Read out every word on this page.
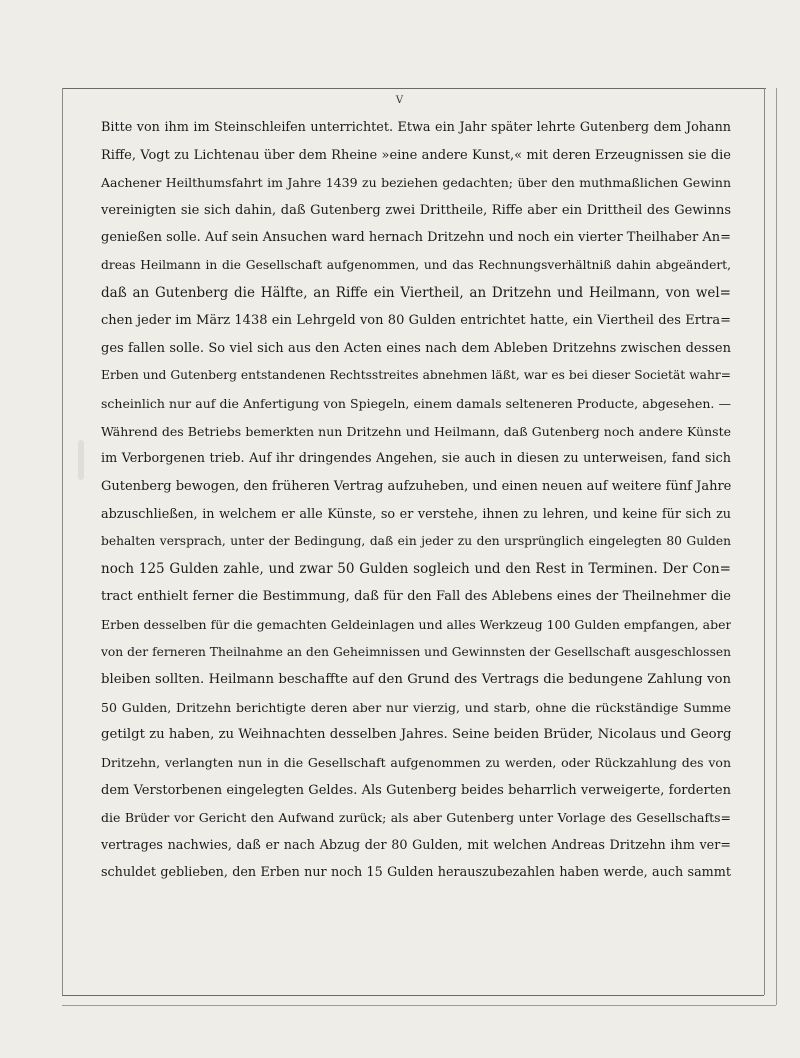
V
Bitte von ihm im Steinschleifen unterrichtet. Etwa ein Jahr später lehrte Gutenberg dem Johann
Riffe, Vogt zu Lichtenau über dem Rheine »eine andere Kunst,« mit deren Erzeugnissen sie die
Aachener Heilthumsfahrt im Jahre 1439 zu beziehen gedachten; über den muthmaßlichen Gewinn
vereinigten sie sich dahin, daß Gutenberg zwei Drittheile, Riffe aber ein Drittheil des Gewinns
genießen solle. Auf sein Ansuchen ward hernach Dritzehn und noch ein vierter Theilhaber An=
dreas Heilmann in die Gesellschaft aufgenommen, und das Rechnungsverhältniß dahin abgeändert,
daß an Gutenberg die Hälfte, an Riffe ein Viertheil, an Dritzehn und Heilmann, von wel=
chen jeder im März 1438 ein Lehrgeld von 80 Gulden entrichtet hatte, ein Viertheil des Ertra=
ges fallen solle. So viel sich aus den Acten eines nach dem Ableben Dritzehns zwischen dessen
Erben und Gutenberg entstandenen Rechtsstreites abnehmen läßt, war es bei dieser Societät wahr=
scheinlich nur auf die Anfertigung von Spiegeln, einem damals selteneren Producte, abgesehen. —
Während des Betriebs bemerkten nun Dritzehn und Heilmann, daß Gutenberg noch andere Künste
im Verborgenen trieb. Auf ihr dringendes Angehen, sie auch in diesen zu unterweisen, fand sich
Gutenberg bewogen, den früheren Vertrag aufzuheben, und einen neuen auf weitere fünf Jahre
abzuschließen, in welchem er alle Künste, so er verstehe, ihnen zu lehren, und keine für sich zu
behalten versprach, unter der Bedingung, daß ein jeder zu den ursprünglich eingelegten 80 Gulden
noch 125 Gulden zahle, und zwar 50 Gulden sogleich und den Rest in Terminen. Der Con=
tract enthielt ferner die Bestimmung, daß für den Fall des Ablebens eines der Theilnehmer die
Erben desselben für die gemachten Geldeinlagen und alles Werkzeug 100 Gulden empfangen, aber
von der ferneren Theilnahme an den Geheimnissen und Gewinnsten der Gesellschaft ausgeschlossen
bleiben sollten. Heilmann beschaffte auf den Grund des Vertrags die bedungene Zahlung von
50 Gulden, Dritzehn berichtigte deren aber nur vierzig, und starb, ohne die rückständige Summe
getilgt zu haben, zu Weihnachten desselben Jahres. Seine beiden Brüder, Nicolaus und Georg
Dritzehn, verlangten nun in die Gesellschaft aufgenommen zu werden, oder Rückzahlung des von
dem Verstorbenen eingelegten Geldes. Als Gutenberg beides beharrlich verweigerte, forderten
die Brüder vor Gericht den Aufwand zurück; als aber Gutenberg unter Vorlage des Gesellschafts=
vertrages nachwies, daß er nach Abzug der 80 Gulden, mit welchen Andreas Dritzehn ihm ver=
schuldet geblieben, den Erben nur noch 15 Gulden herauszubezahlen haben werde, auch sammt
